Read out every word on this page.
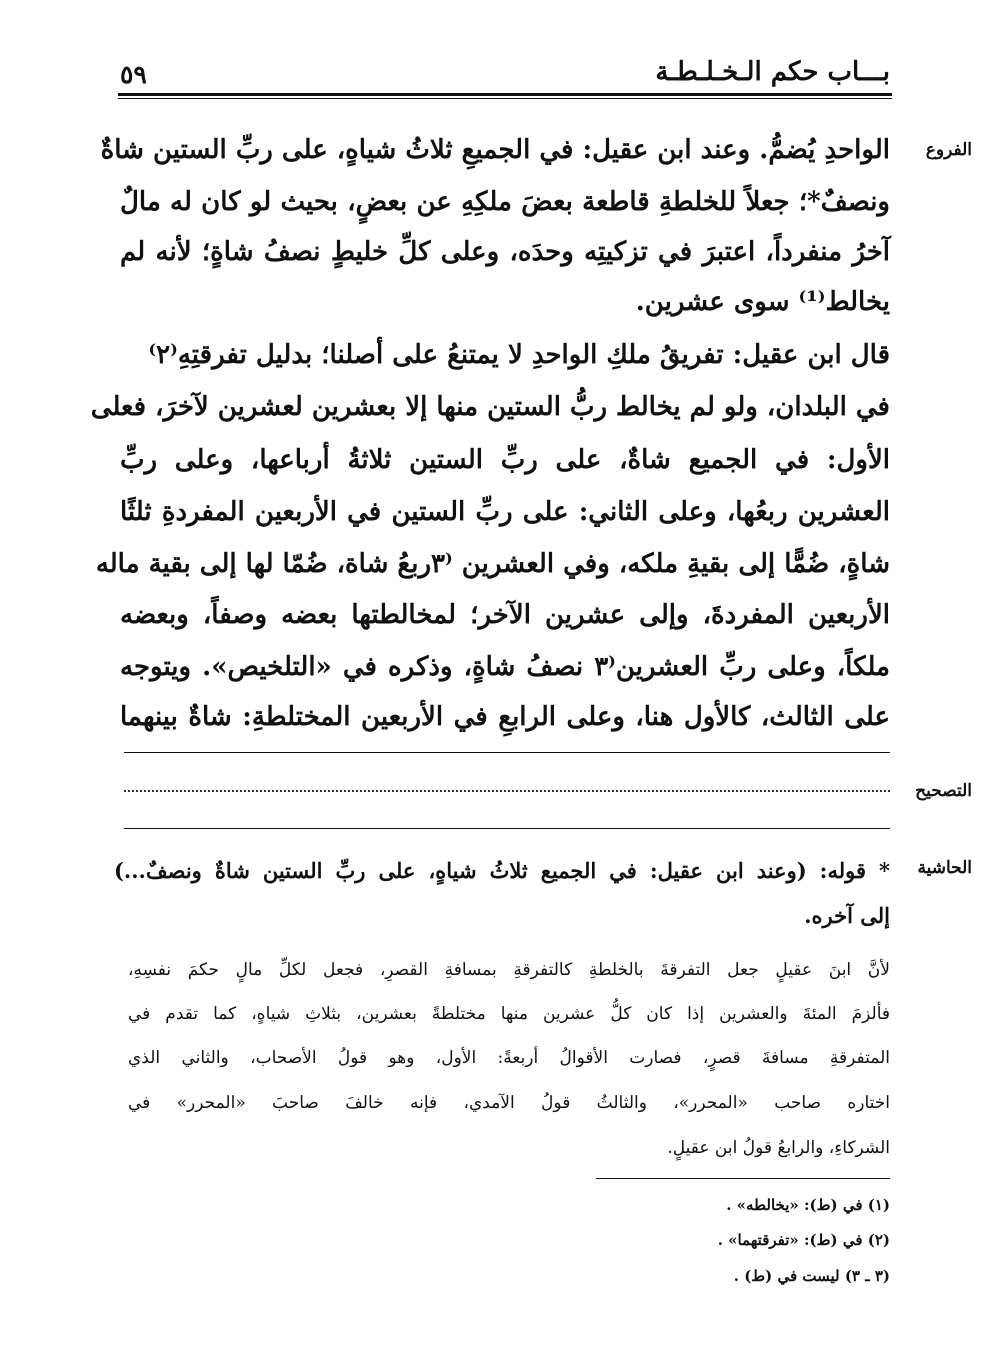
٥٩	بـــاب حكم الـخـلـطـة
الفروع
التصحيح
الحاشية
الواحدِ يُضمُّ. وعند ابن عقيل: في الجميعِ ثلاثُ شياهٍ، على ربِّ الستين شاةٌ
ونصفٌ*؛ جعلاً للخلطةِ قاطعة بعضَ ملكِهِ عن بعضٍ، بحيث لو كان له مالٌ
آخرُ منفرداً، اعتبرَ في تزكيتِه وحدَه، وعلى كلِّ خليطٍ نصفُ شاةٍ؛ لأنه لم
يخالط⁽¹⁾ سوى عشرين.
قال ابن عقيل: تفريقُ ملكِ الواحدِ لا يمتنعُ على أصلنا؛ بدليل تفرقتِهِ⁽٢⁾
في البلدان، ولو لم يخالط ربُّ الستين منها إلا بعشرين لعشرين لآخرَ، فعلى
الأول: في الجميع شاةٌ، على ربِّ الستين ثلاثةُ أرباعها، وعلى ربِّ
العشرين ربعُها، وعلى الثاني: على ربِّ الستين في الأربعين المفردةِ ثلثًا
شاةٍ، ضُمًّا إلى بقيةِ ملكه، وفي العشرين ⁽٣ربعُ شاة، ضُمّا لها إلى بقية ماله
الأربعين المفردةَ، وإلى عشرين الآخر؛ لمخالطتها بعضه وصفاً، وبعضه
ملكاً، وعلى ربِّ العشرين⁽٣ نصفُ شاةٍ، وذكره في «التلخيص». ويتوجه
على الثالث، كالأول هنا، وعلى الرابعِ في الأربعين المختلطةِ: شاةٌ بينهما
* قوله: (وعند ابن عقيل: في الجميع ثلاثُ شياهٍ، على ربِّ الستين شاةٌ ونصفٌ...)
إلى آخره.
لأنَّ ابنَ عقيلٍ جعل التفرقةَ بالخلطةِ كالتفرقةِ بمسافةِ القصرِ، فجعل لكلِّ مالٍ حكمَ نفسِهِ،
فألزمَ المئةَ والعشرين إذا كان كلُّ عشرين منها مختلطةً بعشرين، بثلاثِ شياهٍ، كما تقدم في
المتفرقةِ مسافةَ قصرٍ، فصارت الأقوالُ أربعةً: الأول، وهو قولُ الأصحاب، والثاني الذي
اختاره صاحب «المحرر»، والثالثُ قولُ الآمدي، فإنه خالفَ صاحبَ «المحرر» في
الشركاءِ، والرابعُ قولُ ابن عقيلٍ.
(١) في (ط): «يخالطه» .
(٢) في (ط): «تفرقتهما» .
(٣ ـ ٣) ليست في (ط) .
